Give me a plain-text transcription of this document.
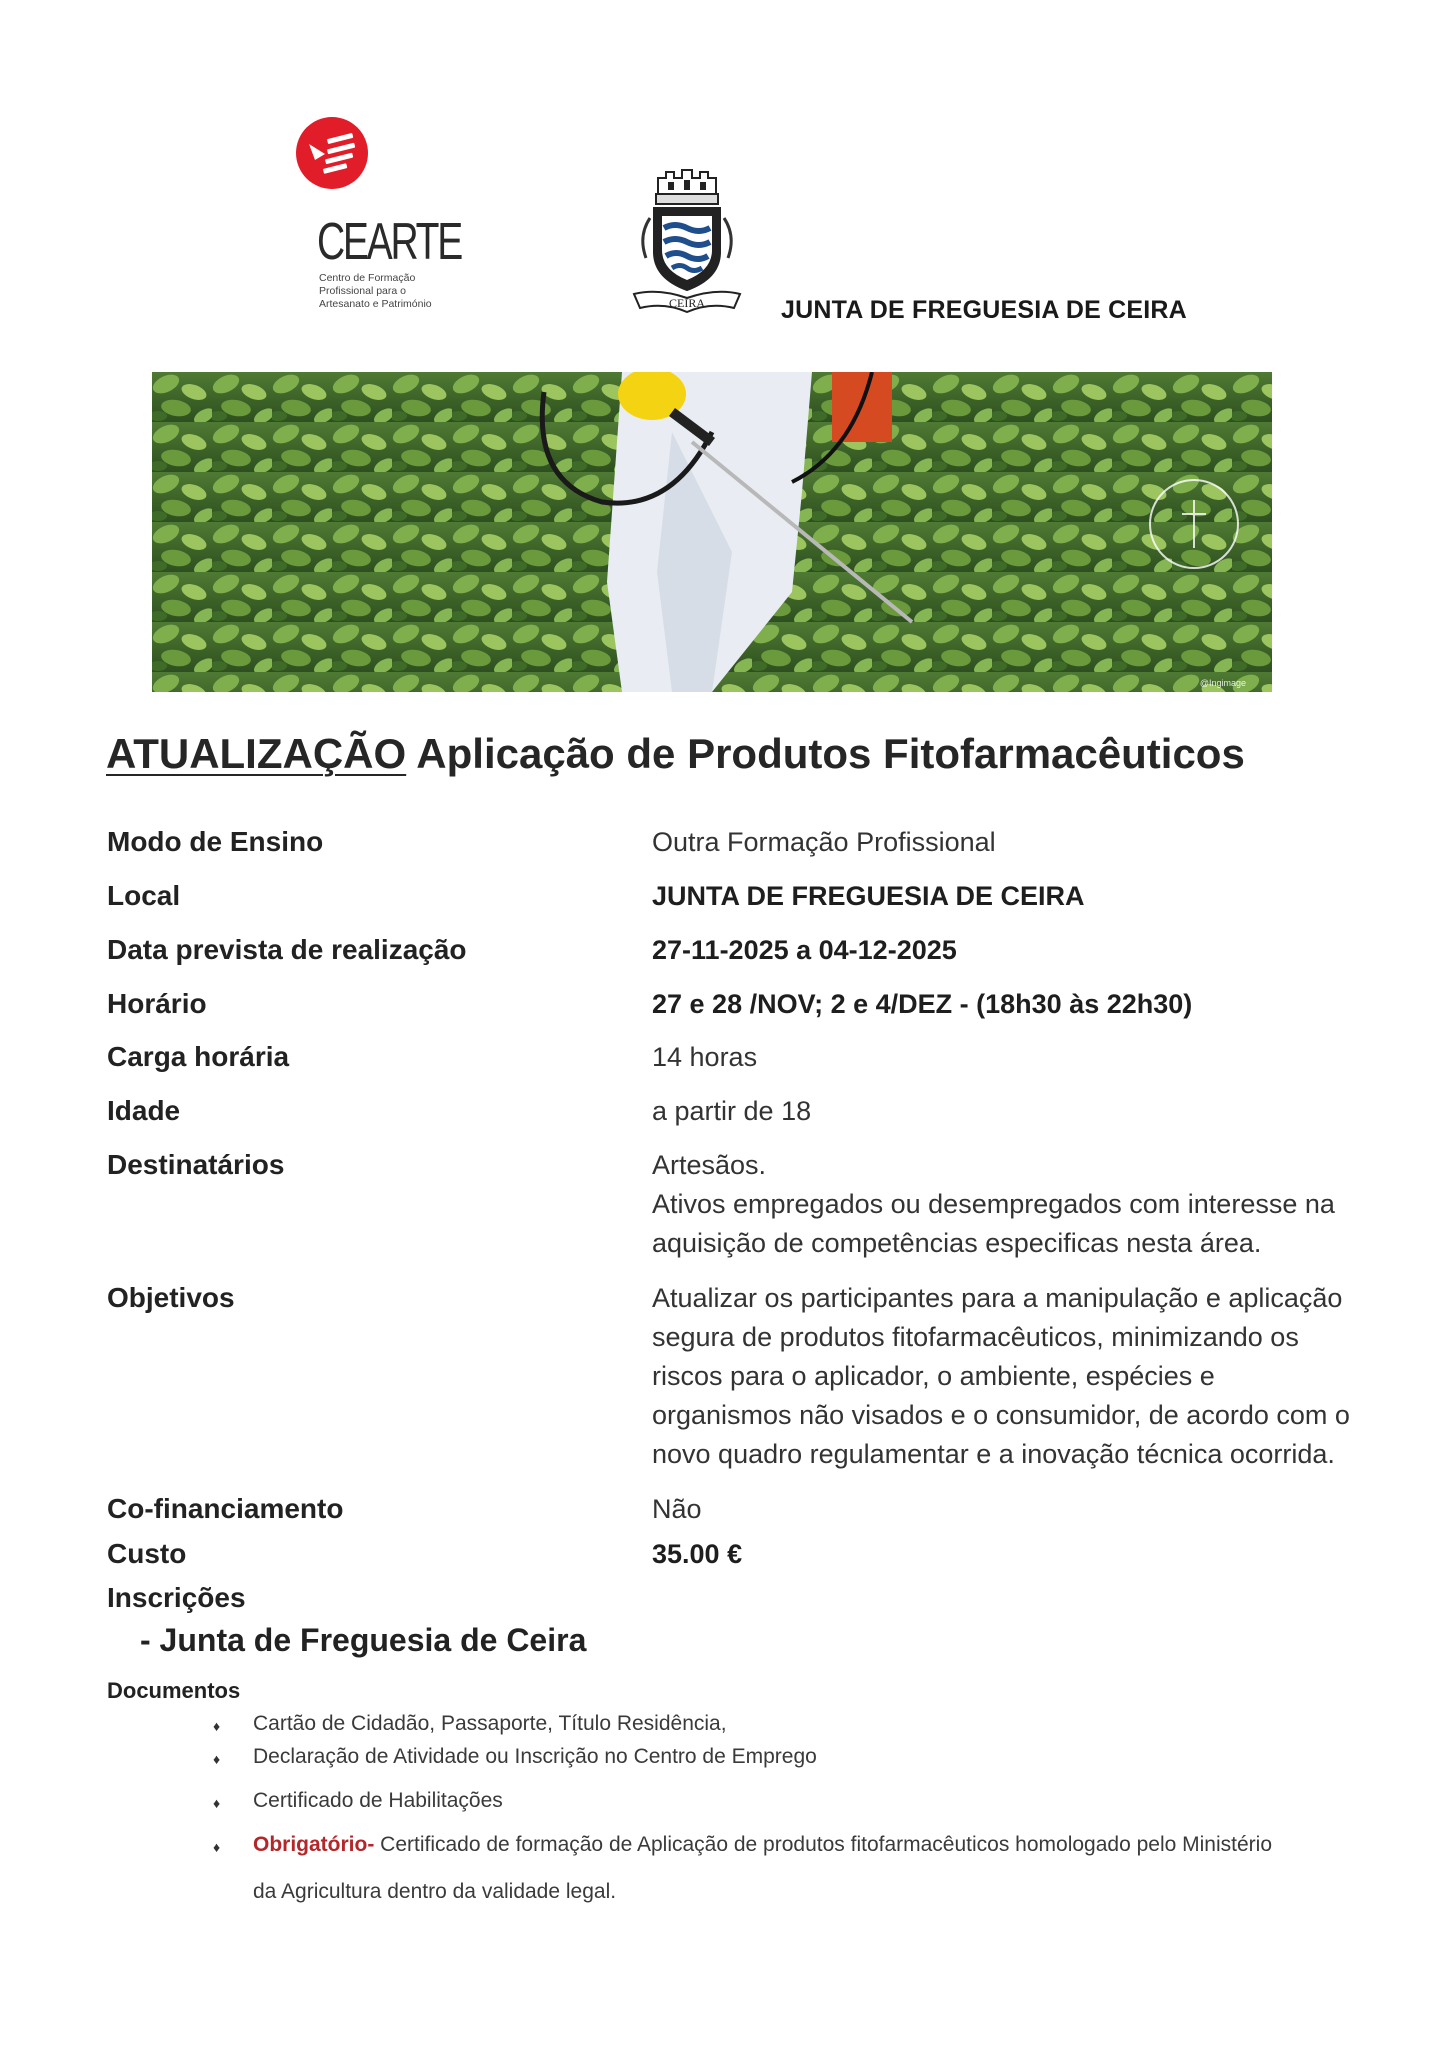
CEARTE
Centro de Formação
Profissional para o
Artesanato e Património	CEIRA	JUNTA DE FREGUESIA DE CEIRA
@Ingimage
ATUALIZAÇÃO Aplicação de Produtos Fitofarmacêuticos
Modo de Ensino	Outra Formação Profissional
Local	JUNTA DE FREGUESIA DE CEIRA
Data prevista de realização	27-11-2025 a 04-12-2025
Horário	27 e 28 /NOV; 2 e 4/DEZ - (18h30 às 22h30)
Carga horária	14 horas
Idade	a partir de 18
Destinatários	Artesãos.
Ativos empregados ou desempregados com interesse na
aquisição de competências especificas nesta área.
Objetivos	Atualizar os participantes para a manipulação e aplicação
segura de produtos fitofarmacêuticos, minimizando os
riscos para o aplicador, o ambiente, espécies e
organismos não visados e o consumidor, de acordo com o
novo quadro regulamentar e a inovação técnica ocorrida.
Co-financiamento	Não
Custo	35.00 €
Inscrições
- Junta de Freguesia de Ceira
Documentos
♦ Cartão de Cidadão, Passaporte, Título Residência,
♦ Declaração de Atividade ou Inscrição no Centro de Emprego
♦ Certificado de Habilitações
♦ Obrigatório- Certificado de formação de Aplicação de produtos fitofarmacêuticos homologado pelo Ministério
da Agricultura dentro da validade legal.
